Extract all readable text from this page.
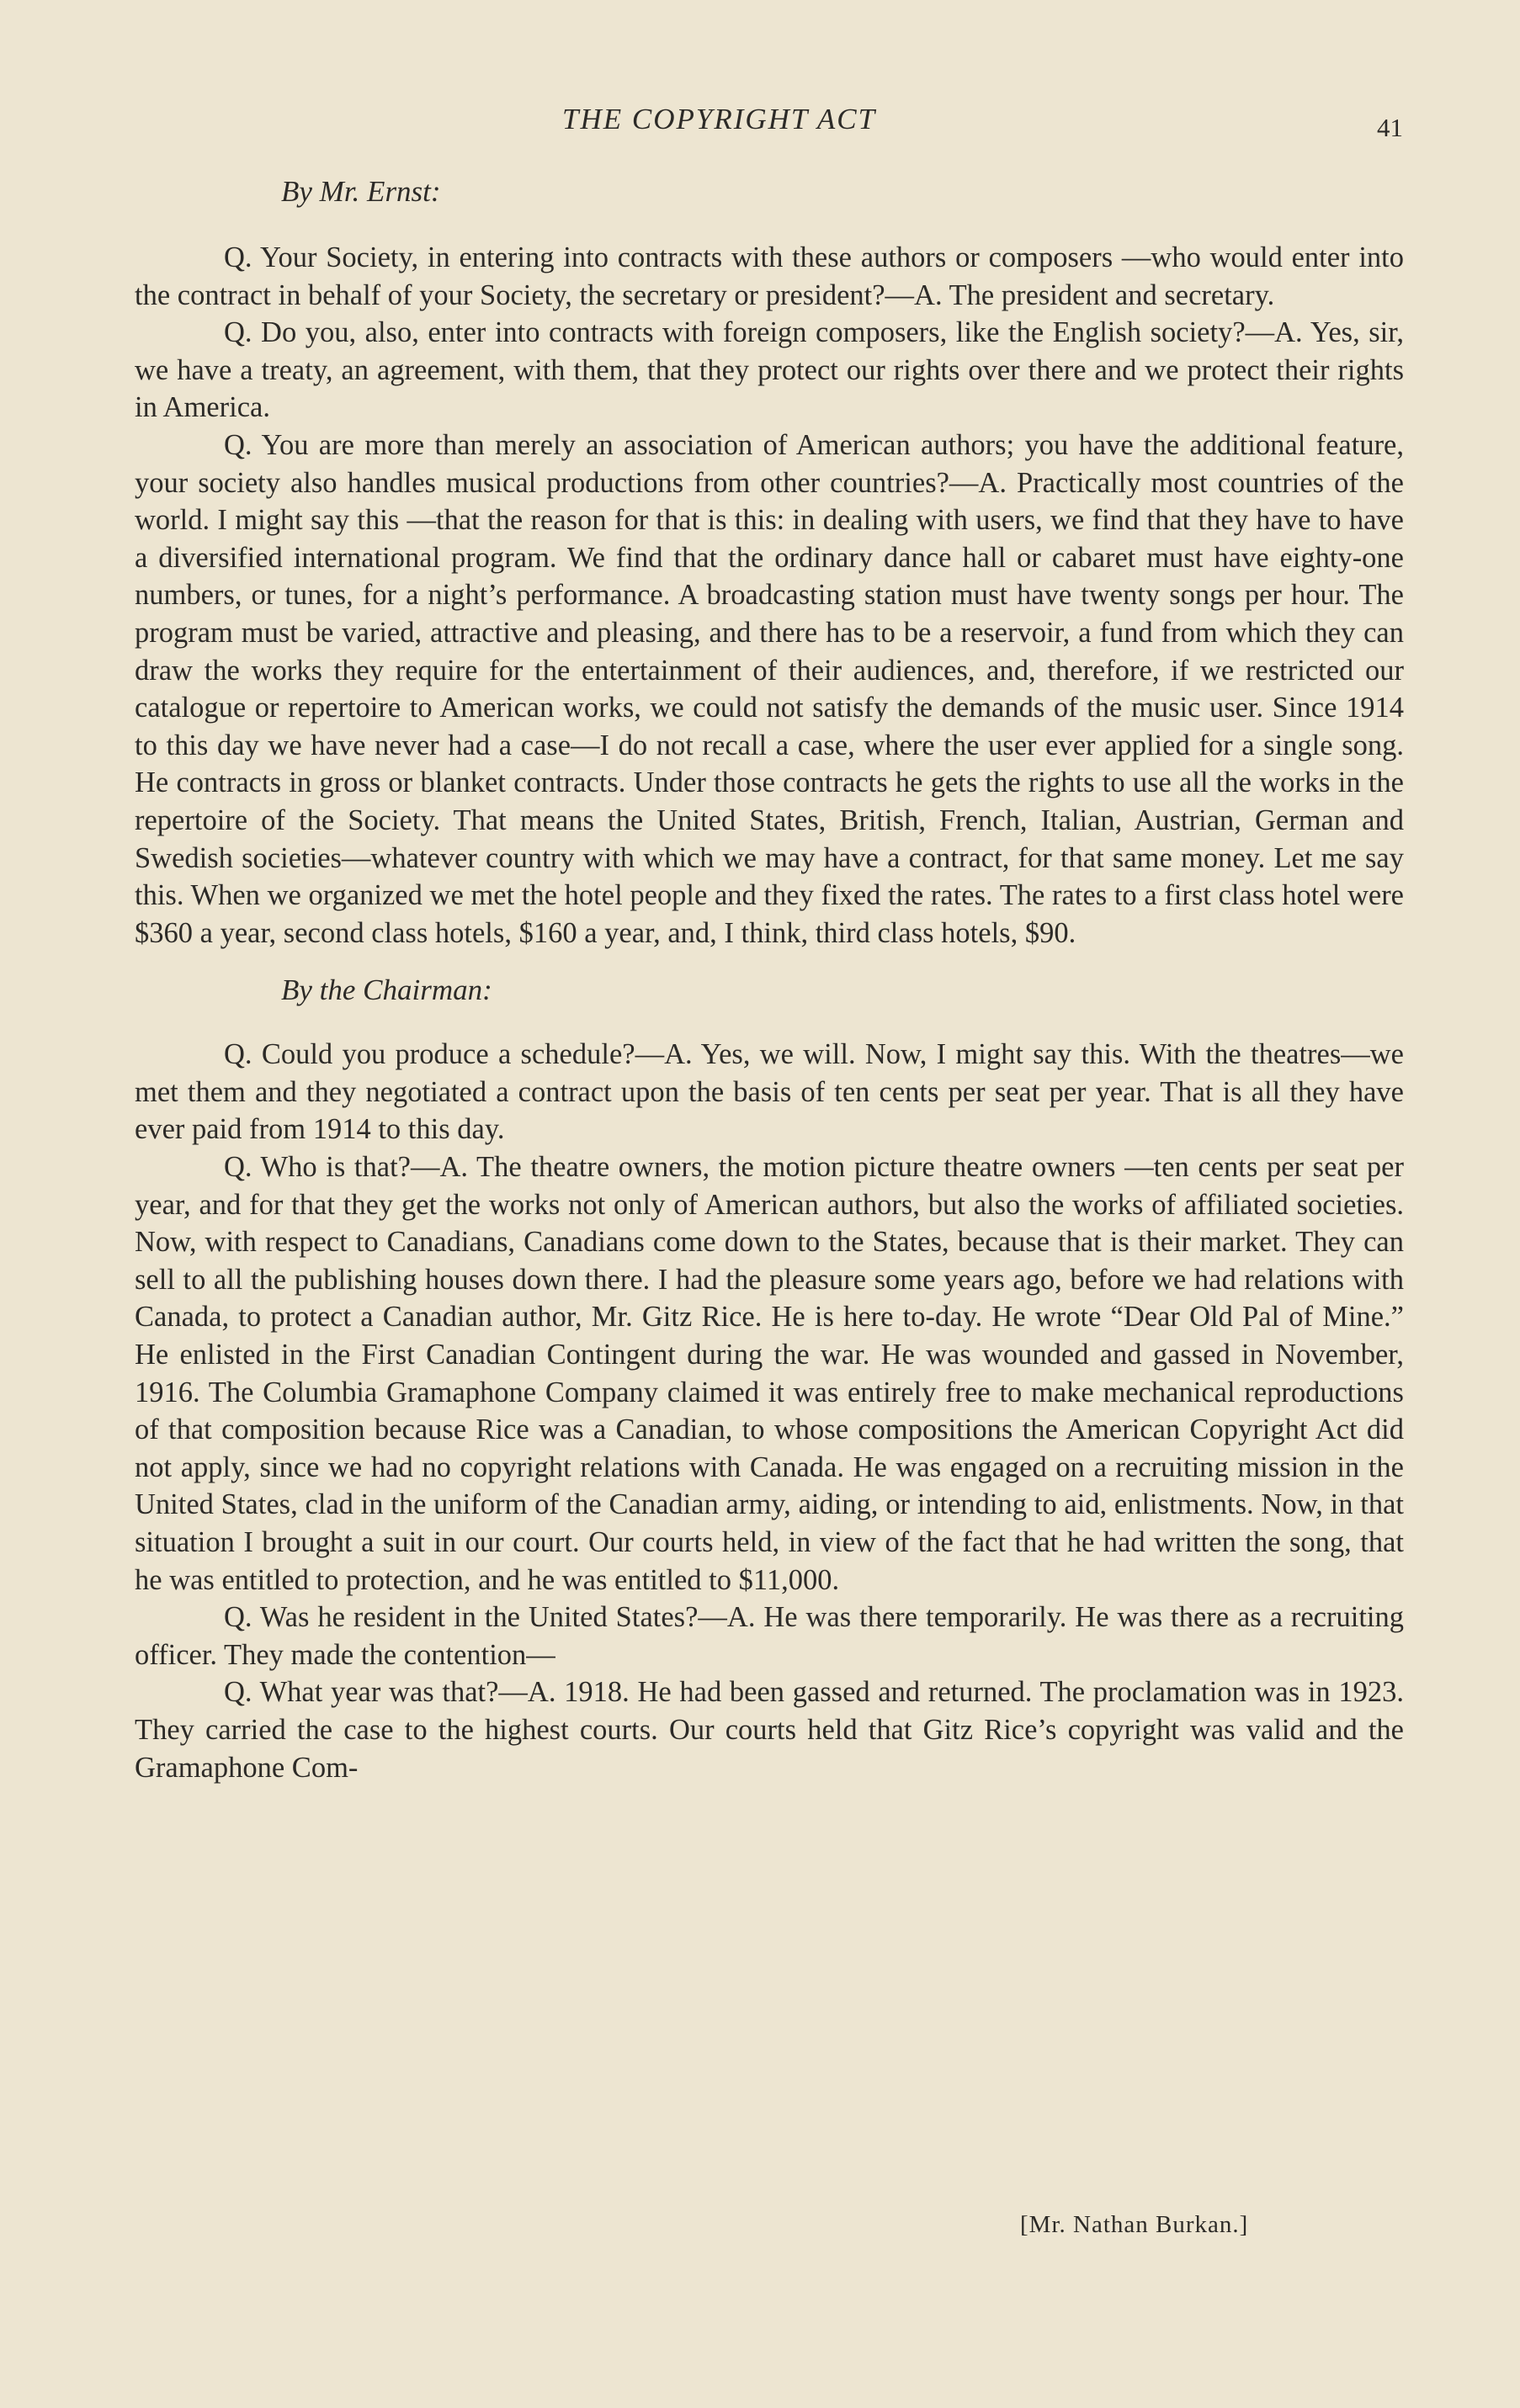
THE COPYRIGHT ACT	41

By Mr. Ernst:

Q. Your Society, in entering into contracts with these authors or composers —who would enter into the contract in behalf of your Society, the secretary or president?—A. The president and secretary.

Q. Do you, also, enter into contracts with foreign composers, like the English society?—A. Yes, sir, we have a treaty, an agreement, with them, that they protect our rights over there and we protect their rights in America.

Q. You are more than merely an association of American authors; you have the additional feature, your society also handles musical productions from other countries?—A. Practically most countries of the world. I might say this —that the reason for that is this: in dealing with users, we find that they have to have a diversified international program. We find that the ordinary dance hall or cabaret must have eighty-one numbers, or tunes, for a night’s performance. A broadcasting station must have twenty songs per hour. The program must be varied, attractive and pleasing, and there has to be a reservoir, a fund from which they can draw the works they require for the entertainment of their audiences, and, therefore, if we restricted our catalogue or repertoire to American works, we could not satisfy the demands of the music user. Since 1914 to this day we have never had a case—I do not recall a case, where the user ever applied for a single song. He contracts in gross or blanket contracts. Under those contracts he gets the rights to use all the works in the repertoire of the Society. That means the United States, British, French, Italian, Austrian, German and Swedish societies—whatever country with which we may have a contract, for that same money. Let me say this. When we organized we met the hotel people and they fixed the rates. The rates to a first class hotel were $360 a year, second class hotels, $160 a year, and, I think, third class hotels, $90.

By the Chairman:

Q. Could you produce a schedule?—A. Yes, we will. Now, I might say this. With the theatres—we met them and they negotiated a contract upon the basis of ten cents per seat per year. That is all they have ever paid from 1914 to this day.

Q. Who is that?—A. The theatre owners, the motion picture theatre owners —ten cents per seat per year, and for that they get the works not only of American authors, but also the works of affiliated societies. Now, with respect to Canadians, Canadians come down to the States, because that is their market. They can sell to all the publishing houses down there. I had the pleasure some years ago, before we had relations with Canada, to protect a Canadian author, Mr. Gitz Rice. He is here to-day. He wrote “Dear Old Pal of Mine.” He enlisted in the First Canadian Contingent during the war. He was wounded and gassed in November, 1916. The Columbia Gramaphone Company claimed it was entirely free to make mechanical reproductions of that composition because Rice was a Canadian, to whose compositions the American Copyright Act did not apply, since we had no copyright relations with Canada. He was engaged on a recruiting mission in the United States, clad in the uniform of the Canadian army, aiding, or intending to aid, enlistments. Now, in that situation I brought a suit in our court. Our courts held, in view of the fact that he had written the song, that he was entitled to protection, and he was entitled to $11,000.

Q. Was he resident in the United States?—A. He was there temporarily. He was there as a recruiting officer. They made the contention—

Q. What year was that?—A. 1918. He had been gassed and returned. The proclamation was in 1923. They carried the case to the highest courts. Our courts held that Gitz Rice’s copyright was valid and the Gramaphone Com-

[Mr. Nathan Burkan.]
